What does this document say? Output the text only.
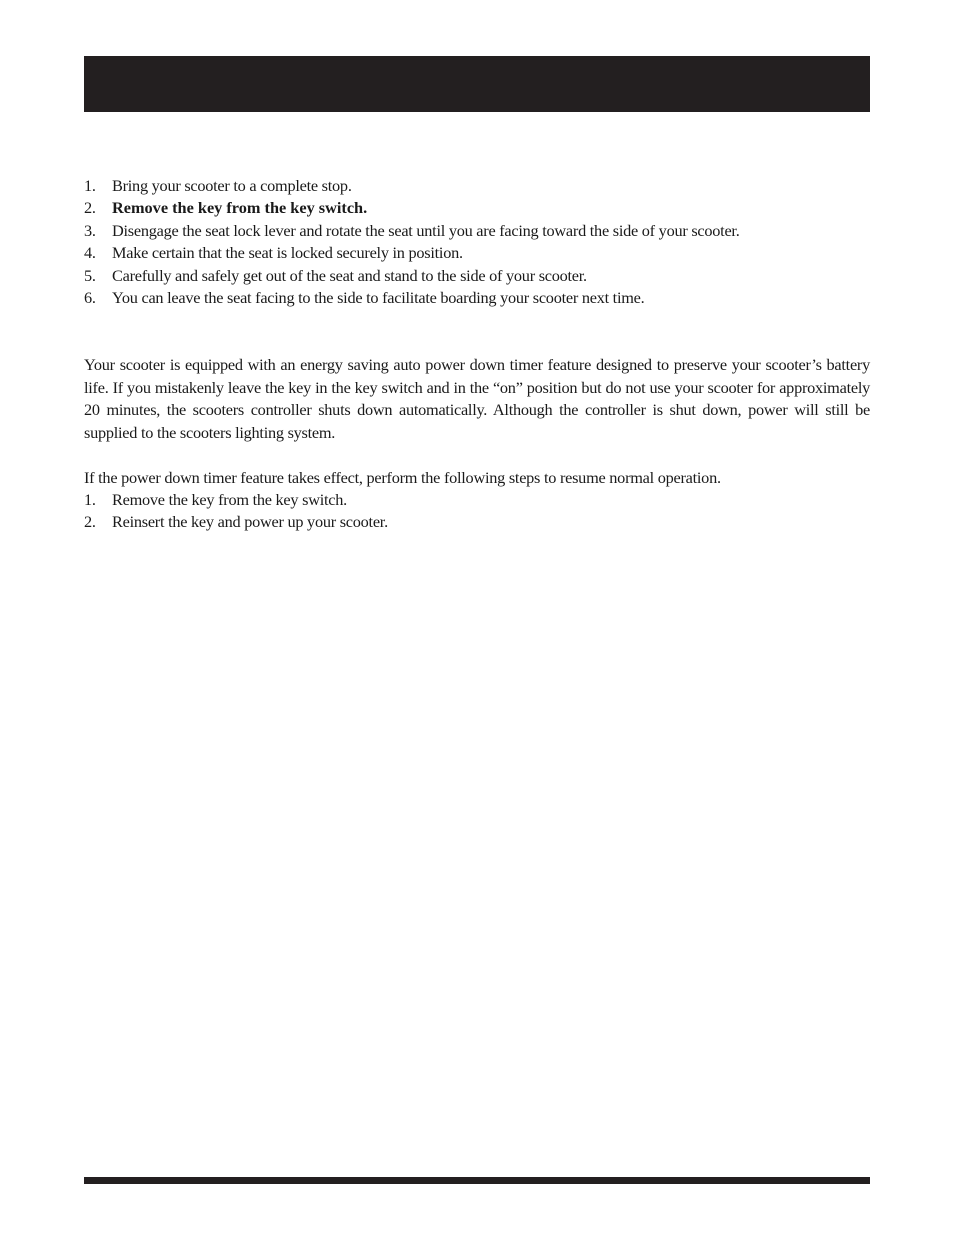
1. Bring your scooter to a complete stop.
2. Remove the key from the key switch.
3. Disengage the seat lock lever and rotate the seat until you are facing toward the side of your scooter.
4. Make certain that the seat is locked securely in position.
5. Carefully and safely get out of the seat and stand to the side of your scooter.
6. You can leave the seat facing to the side to facilitate boarding your scooter next time.

Your scooter is equipped with an energy saving auto power down timer feature designed to preserve your scooter’s battery life. If you mistakenly leave the key in the key switch and in the “on” position but do not use your scooter for approximately 20 minutes, the scooters controller shuts down automatically. Although the controller is shut down, power will still be supplied to the scooters lighting system.

If the power down timer feature takes effect, perform the following steps to resume normal operation.

1. Remove the key from the key switch.
2. Reinsert the key and power up your scooter.
